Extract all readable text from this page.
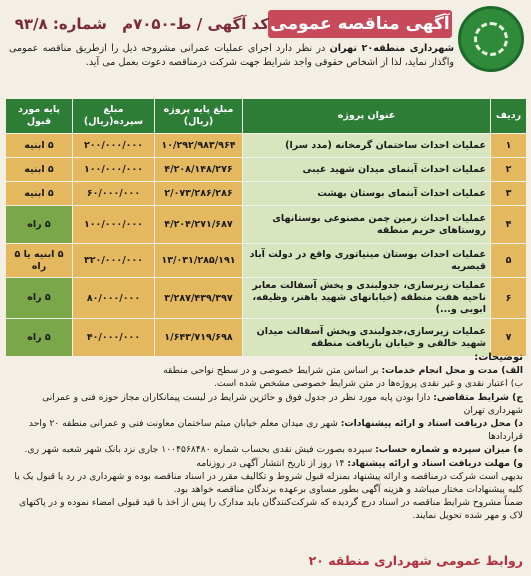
آگهی مناقصه عمومی
کد آگهی / ط-۷۰۵۰م شماره: ۹۳/۸
شهرداری منطقه۲۰ تهران در نظر دارد اجرای عملیات عمرانی مشروحه ذیل را ازطریق مناقصه عمومی واگذار نماید، لذا از اشخاص حقوقی واجد شرایط جهت شرکت درمناقصه دعوت بعمل می آید.
ردیف	عنوان پروژه	مبلغ پایه پروژه (ریال)	مبلغ سپرده(ریال)	پایه مورد قبول
۱	عملیات احداث ساختمان گرمخانه (مدد سرا)	۱۰/۲۹۲/۹۸۳/۹۶۴	۲۰۰/۰۰۰/۰۰۰	۵ ابنیه
۲	عملیات احداث آبنمای میدان شهید غیبی	۴/۲۰۸/۱۴۸/۲۷۶	۱۰۰/۰۰۰/۰۰۰	۵ ابنیه
۳	عملیات احداث آبنمای بوستان بهشت	۲/۰۷۳/۲۸۶/۲۸۶	۶۰/۰۰۰/۰۰۰	۵ ابنیه
۴	عملیات احداث زمین چمن مصنوعی بوستانهای روستاهای حریم منطقه	۴/۲۰۴/۲۷۱/۶۸۷	۱۰۰/۰۰۰/۰۰۰	۵ راه
۵	عملیات احداث بوستان مینیاتوری واقع در دولت آباد قیصریه	۱۳/۰۳۱/۲۸۵/۱۹۱	۳۲۰/۰۰۰/۰۰۰	۵ ابنیه یا ۵ راه
۶	عملیات زیرسازی، جدولبندی و پخش آسفالت معابر ناحیه هفت منطقه (خیابانهای شهید باهنر، وظیفه، ابوبی و...)	۳/۲۸۷/۴۳۹/۳۹۷	۸۰/۰۰۰/۰۰۰	۵ راه
۷	عملیات زیرسازی،جدولبندی وپخش آسفالت میدان شهید خالقی و خیابان بازیافت منطقه	۱/۶۴۳/۷۱۹/۶۹۸	۴۰/۰۰۰/۰۰۰	۵ راه

توضیحات:

الف) مدت و محل انجام خدمات: بر اساس متن شرایط خصوصی و در سطح نواحی منطقه

ب) اعتبار نقدی و غیر نقدی پروژه‌ها در متن شرایط خصوصی مشخص شده است.

ج) شرایط متقاضی: دارا بودن پایه مورد نظر در جدول فوق و حائزین شرایط در لیست پیمانکاران مجاز حوزه فنی و عمرانی شهرداری تهران

د) محل دریافت اسناد و ارائه پیشنهادات: شهر ری میدان معلم خیابان میثم ساختمان معاونت فنی و عمرانی منطقه ۲۰ واحد قراردادها

ه) میزان سپرده و شماره حساب: سپرده بصورت فیش نقدی بحساب شماره ۱۰۰۴۵۶۸۴۸۰ جاری نزد بانک شهر شعبه شهر ری.

و) مهلت دریافت اسناد و ارائه پیشنهاد: ۱۴ روز از تاریخ انتشار آگهی در روزنامه

بدیهی است شرکت درمناقصه و ارائه پیشنهاد بمنزله قبول شروط و تکالیف مقرر در اسناد مناقصه بوده و شهرداری در رد یا قبول یک یا کلیه پیشنهادات مختار میباشد و هزینه آگهی بطور مساوی برعهده برندگان مناقصه خواهد بود.

ضمناً مشروح شرایط مناقصه در اسناد درج گردیده که شرکت‌کنندگان باید مدارک را پس از اخذ با قید قبولی امضاء نموده و در پاکتهای لاک و مهر شده تحویل نمایند.

روابط عمومی شهرداری منطقه ۲۰
